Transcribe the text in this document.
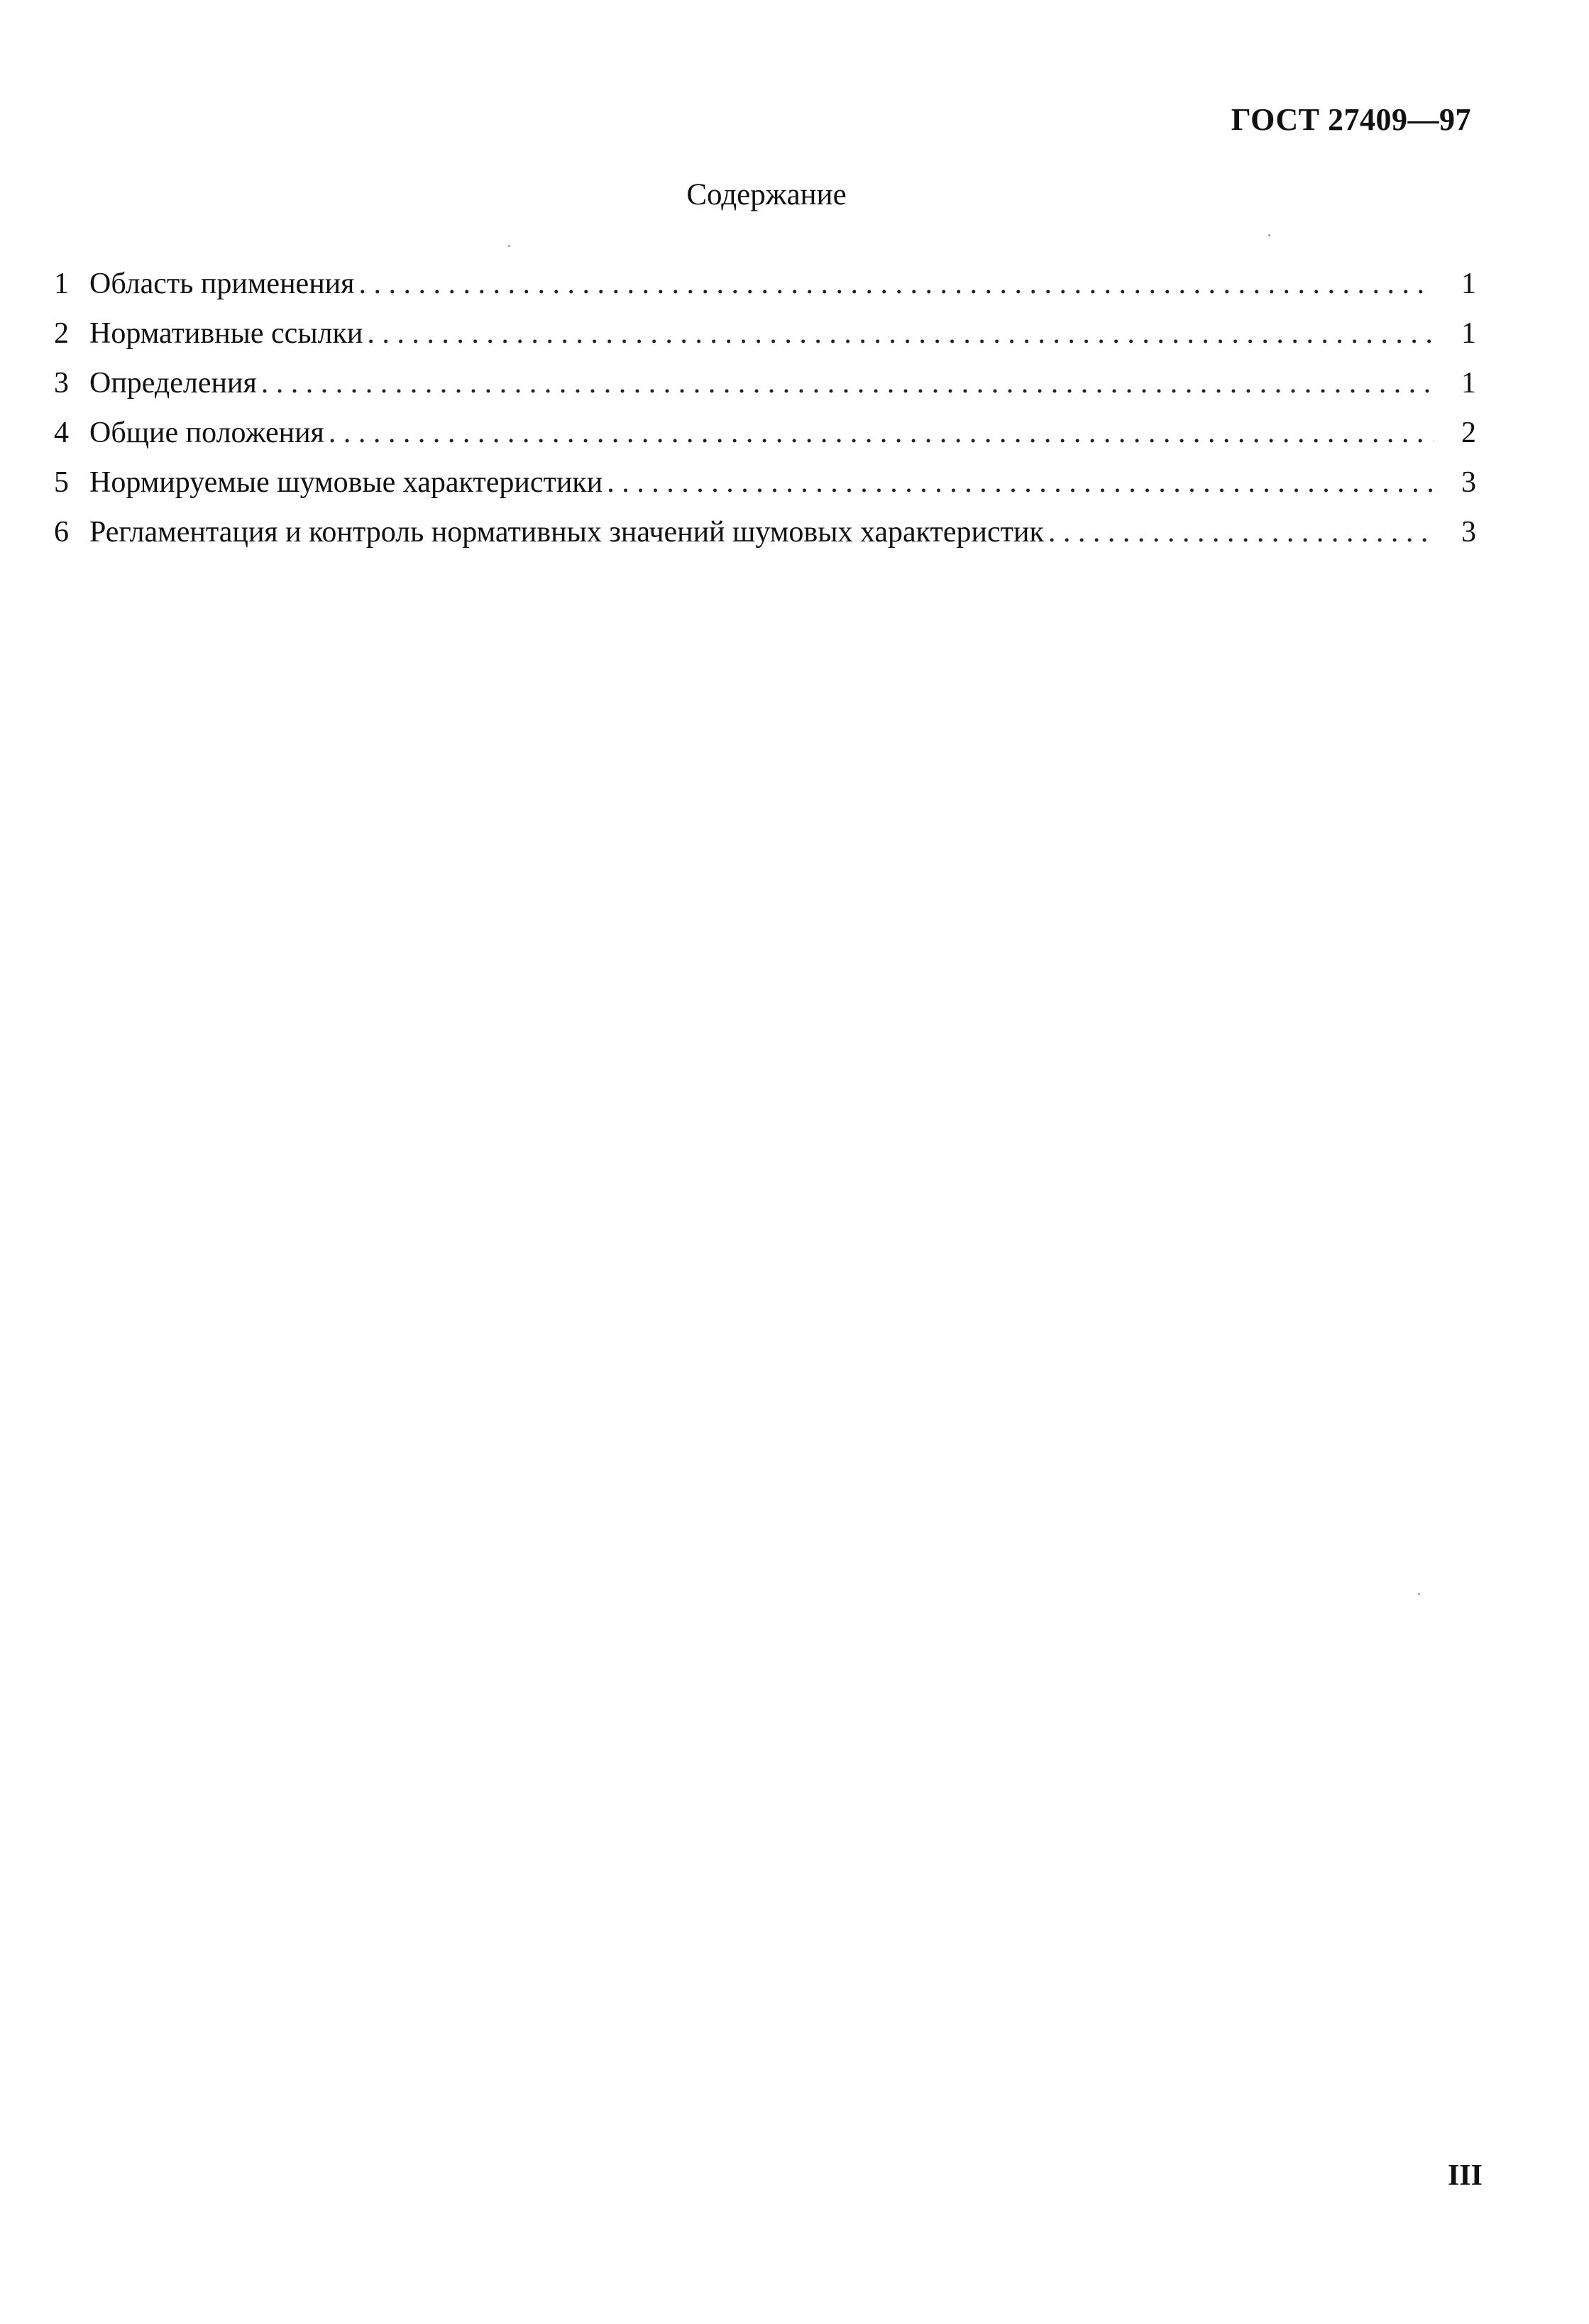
ГОСТ 27409—97
Содержание
1 Область применения . . .	1
2 Нормативные ссылки . . .	1
3 Определения . . .	1
4 Общие положения . . .	2
5 Нормируемые шумовые характеристики . . .	3
6 Регламентация и контроль нормативных значений шумовых характеристик . . .	3
III
